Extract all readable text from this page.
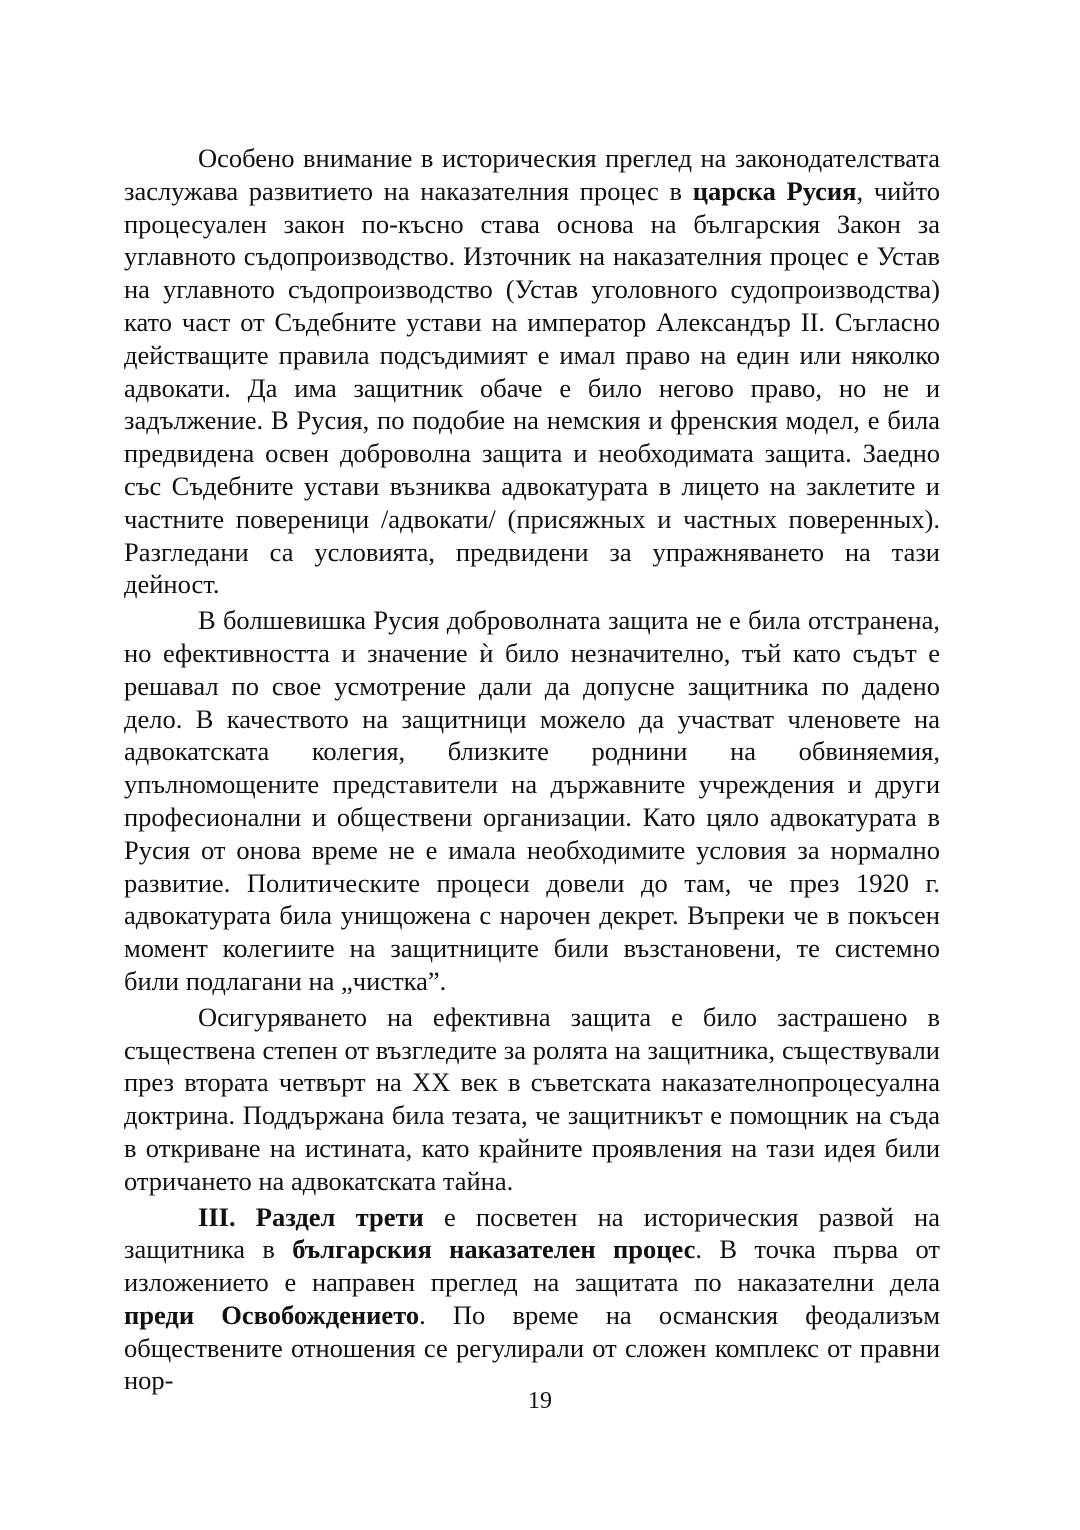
Особено внимание в историческия преглед на законодателствата заслужава развитието на наказателния процес в царска Русия, чийто процесуален закон по-късно става основа на българския Закон за углавното съдопроизводство. Източник на наказателния процес е Устав на углавното съдопроизводство (Устав уголовного судопроизводства) като част от Съдебните устави на император Александър II. Съгласно действащите правила подсъдимият е имал право на един или няколко адвокати. Да има защитник обаче е било негово право, но не и задължение. В Русия, по подобие на немския и френския модел, е била предвидена освен доброволна защита и необходимата защита. Заедно със Съдебните устави възниква адвокатурата в лицето на заклетите и частните повереници /адвокати/ (присяжных и частных поверенных). Разгледани са условията, предвидени за упражняването на тази дейност.

В болшевишка Русия доброволната защита не е била отстранена, но ефективността и значение ѝ било незначително, тъй като съдът е решавал по свое усмотрение дали да допусне защитника по дадено дело. В качеството на защитници можело да участват членовете на адвокатската колегия, близките роднини на обвиняемия, упълномощените представители на държавните учреждения и други професионални и обществени организации. Като цяло адвокатурата в Русия от онова време не е имала необходимите условия за нормално развитие. Политическите процеси довели до там, че през 1920 г. адвокатурата била унищожена с нарочен декрет. Въпреки че в покъсен момент колегиите на защитниците били възстановени, те системно били подлагани на „чистка”.

Осигуряването на ефективна защита е било застрашено в съществена степен от възгледите за ролята на защитника, съществували през втората четвърт на XX век в съветската наказателнопроцесуална доктрина. Поддържана била тезата, че защитникът е помощник на съда в откриване на истината, като крайните проявления на тази идея били отричането на адвокатската тайна.

III. Раздел трети е посветен на историческия развой на защитника в българския наказателен процес. В точка първа от изложението е направен преглед на защитата по наказателни дела преди Освобождението. По време на османския феодализъм обществените отношения се регулирали от сложен комплекс от правни нор-

19
